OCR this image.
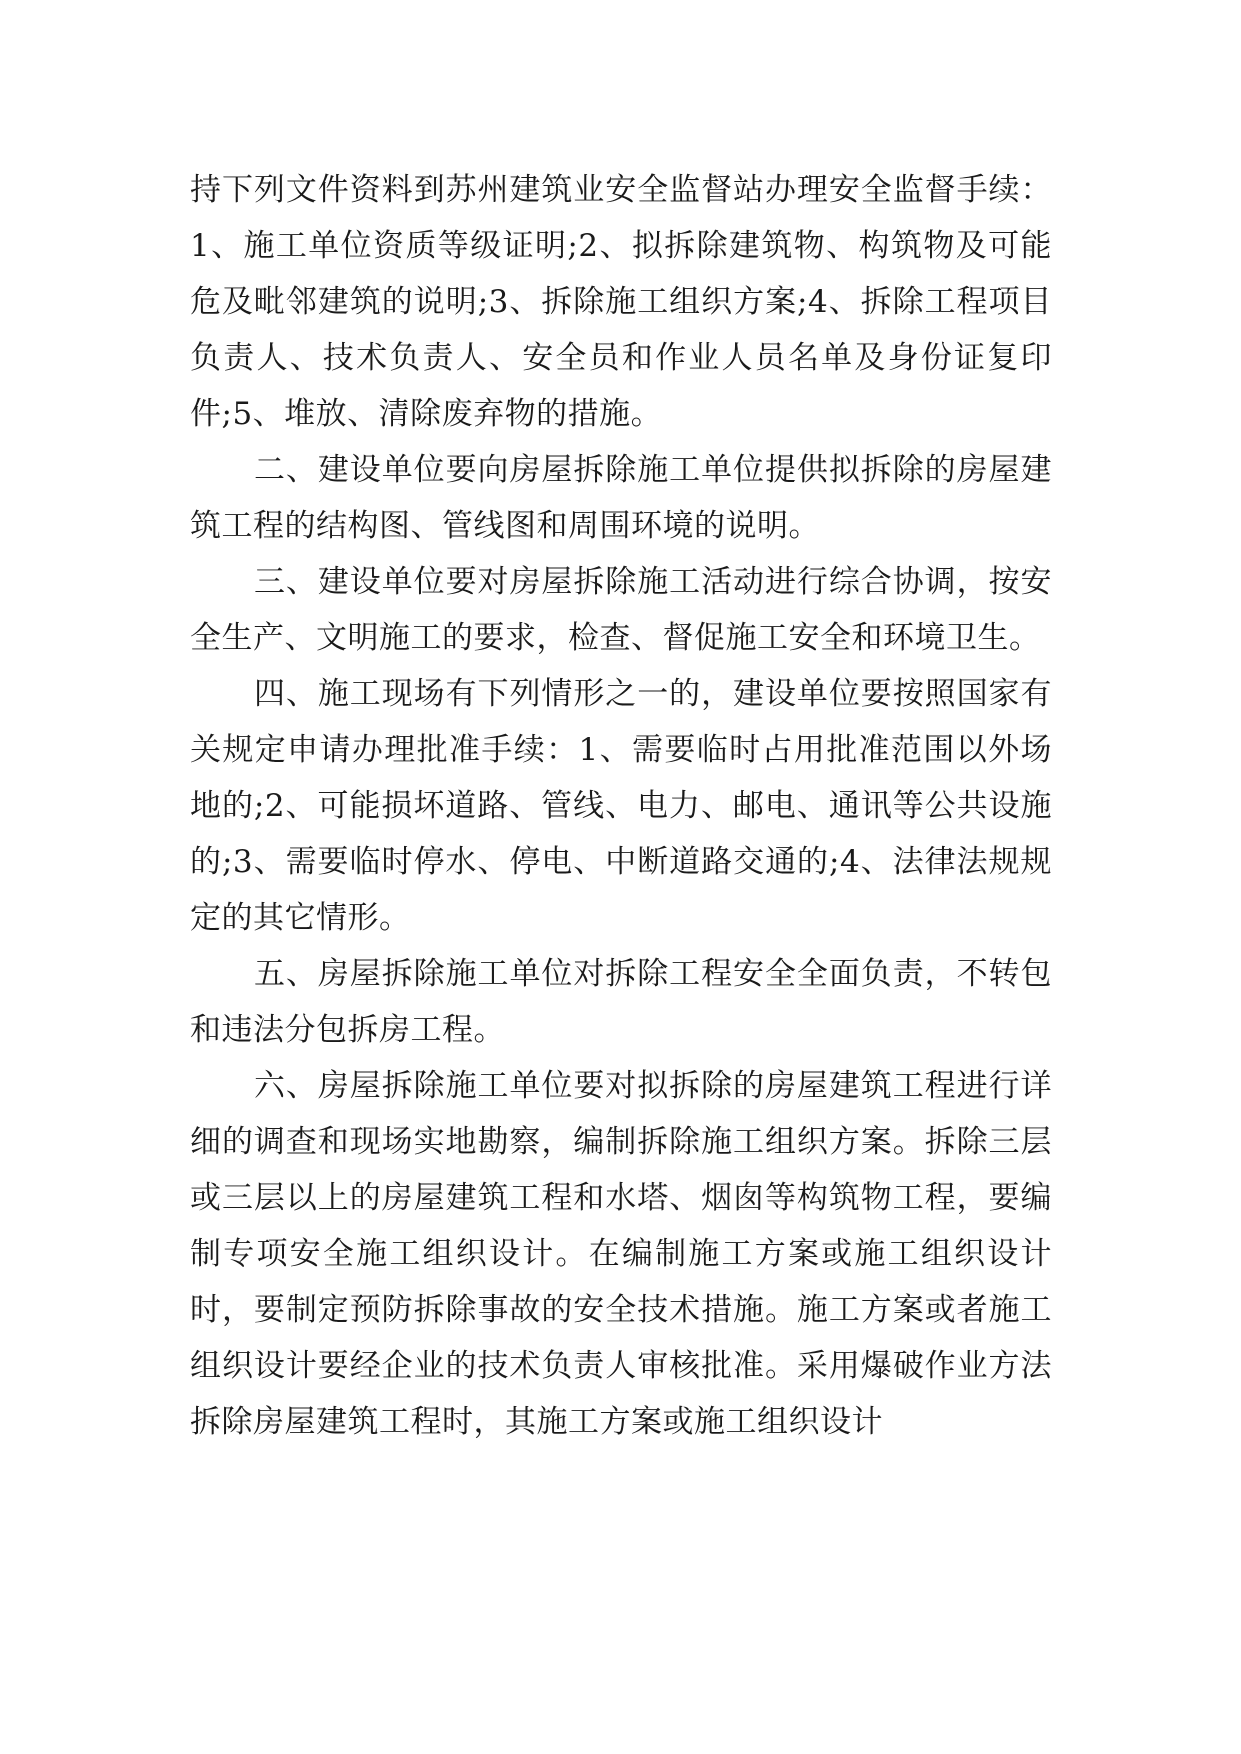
持下列文件资料到苏州建筑业安全监督站办理安全监督手续：1、施工单位资质等级证明;2、拟拆除建筑物、构筑物及可能危及毗邻建筑的说明;3、拆除施工组织方案;4、拆除工程项目负责人、技术负责人、安全员和作业人员名单及身份证复印件;5、堆放、清除废弃物的措施。

二、建设单位要向房屋拆除施工单位提供拟拆除的房屋建筑工程的结构图、管线图和周围环境的说明。

三、建设单位要对房屋拆除施工活动进行综合协调，按安全生产、文明施工的要求，检查、督促施工安全和环境卫生。

四、施工现场有下列情形之一的，建设单位要按照国家有关规定申请办理批准手续：1、需要临时占用批准范围以外场地的;2、可能损坏道路、管线、电力、邮电、通讯等公共设施的;3、需要临时停水、停电、中断道路交通的;4、法律法规规定的其它情形。

五、房屋拆除施工单位对拆除工程安全全面负责，不转包和违法分包拆房工程。

六、房屋拆除施工单位要对拟拆除的房屋建筑工程进行详细的调查和现场实地勘察，编制拆除施工组织方案。拆除三层或三层以上的房屋建筑工程和水塔、烟囱等构筑物工程，要编制专项安全施工组织设计。在编制施工方案或施工组织设计时，要制定预防拆除事故的安全技术措施。施工方案或者施工组织设计要经企业的技术负责人审核批准。采用爆破作业方法拆除房屋建筑工程时，其施工方案或施工组织设计
